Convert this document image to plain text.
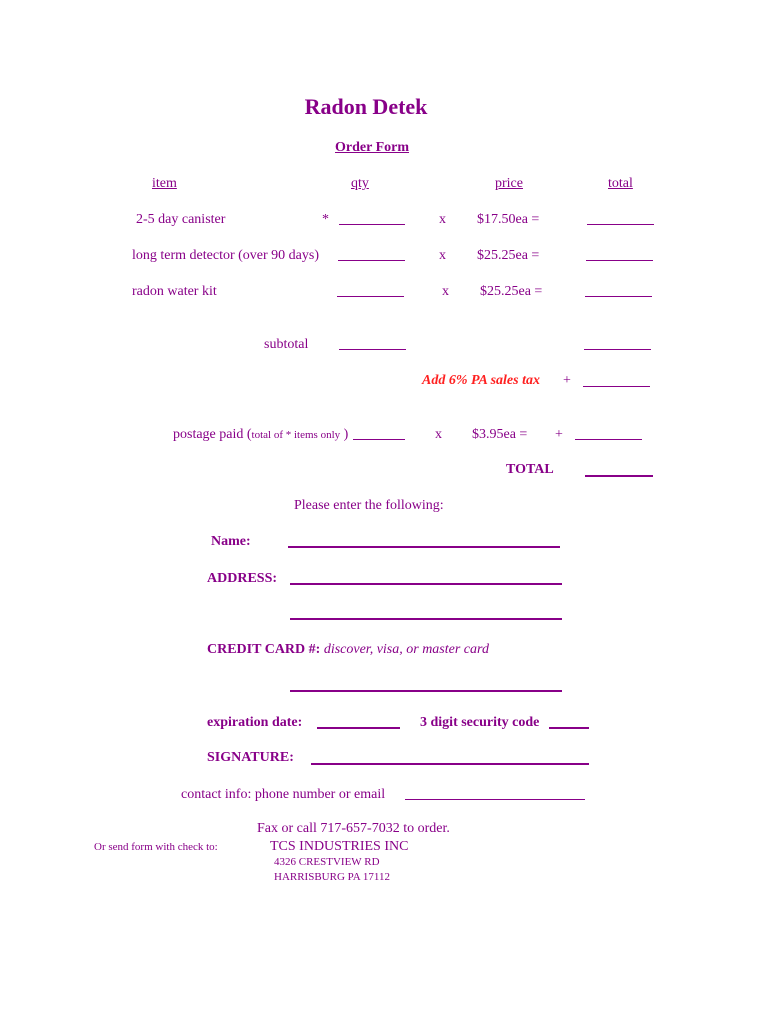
Radon Detek
Order Form
item	qty	price	total
2-5 day canister	*	x $17.50ea =
long term detector (over 90 days)	x $25.25ea =
radon water kit	x $25.25ea =
subtotal
Add 6% PA sales tax +
postage paid (total of * items only )	x $3.95ea = +
TOTAL
Please enter the following:
Name:
ADDRESS:
CREDIT CARD #: discover, visa, or master card
expiration date:	3 digit security code
SIGNATURE:
contact info: phone number or email
Fax or call 717-657-7032 to order.
Or send form with check to:	TCS INDUSTRIES INC
4326 CRESTVIEW RD
HARRISBURG PA 17112
